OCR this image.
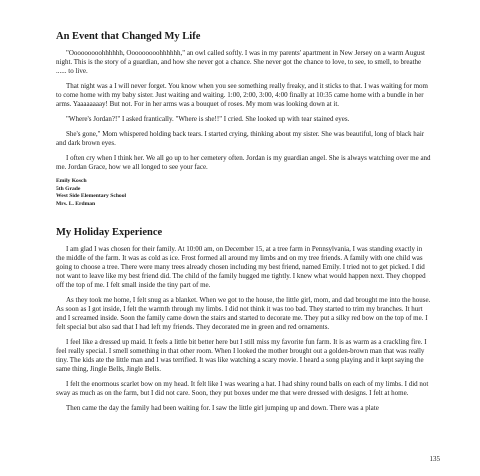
An Event that Changed My Life

"Ooooooooohhhhhh, Ooooooooohhhhhh," an owl called softly. I was in my parents' apartment in New Jersey on a warm August night. This is the story of a guardian, and how she never got a chance. She never got the chance to love, to see, to smell, to breathe ...... to live.

That night was a I will never forget. You know when you see something really freaky, and it sticks to that. I was waiting for mom to come home with my baby sister. Just waiting and waiting. 1:00, 2:00, 3:00, 4:00 finally at 10:35 came home with a bundle in her arms. Yaaaaaaaay! But not. For in her arms was a bouquet of roses. My mom was looking down at it.

"Where's Jordan?!" I asked frantically. "Where is she!!" I cried. She looked up with tear stained eyes.

She's gone," Mom whispered holding back tears. I started crying, thinking about my sister. She was beautiful, long of black hair and dark brown eyes.

I often cry when I think her. We all go up to her cemetery often. Jordan is my guardian angel. She is always watching over me and me. Jordan Grace, how we all longed to see your face.

Emily Kosch
5th Grade
West Side Elementary School
Mrs. L. Erdman
My Holiday Experience

I am glad I was chosen for their family. At 10:00 am, on December 15, at a tree farm in Pennsylvania, I was standing exactly in the middle of the farm. It was as cold as ice. Frost formed all around my limbs and on my tree friends. A family with one child was going to choose a tree. There were many trees already chosen including my best friend, named Emily. I tried not to get picked. I did not want to leave like my best friend did. The child of the family hugged me tightly. I knew what would happen next. They chopped off the top of me. I felt small inside the tiny part of me.

As they took me home, I felt snug as a blanket. When we got to the house, the little girl, mom, and dad brought me into the house. As soon as I got inside, I felt the warmth through my limbs. I did not think it was too bad. They started to trim my branches. It hurt and I screamed inside. Soon the family came down the stairs and started to decorate me. They put a silky red bow on the top of me. I felt special but also sad that I had left my friends. They decorated me in green and red ornaments.

I feel like a dressed up maid. It feels a little bit better here but I still miss my favorite fun farm. It is as warm as a crackling fire. I feel really special. I smell something in that other room. When I looked the mother brought out a golden-brown man that was really tiny. The kids ate the little man and I was terrified. It was like watching a scary movie. I heard a song playing and it kept saying the same thing, Jingle Bells, Jingle Bells.

I felt the enormous scarlet bow on my head. It felt like I was wearing a hat. I had shiny round balls on each of my limbs. I did not sway as much as on the farm, but I did not care. Soon, they put boxes under me that were dressed with designs. I felt at home.

Then came the day the family had been waiting for. I saw the little girl jumping up and down. There was a plate

135
